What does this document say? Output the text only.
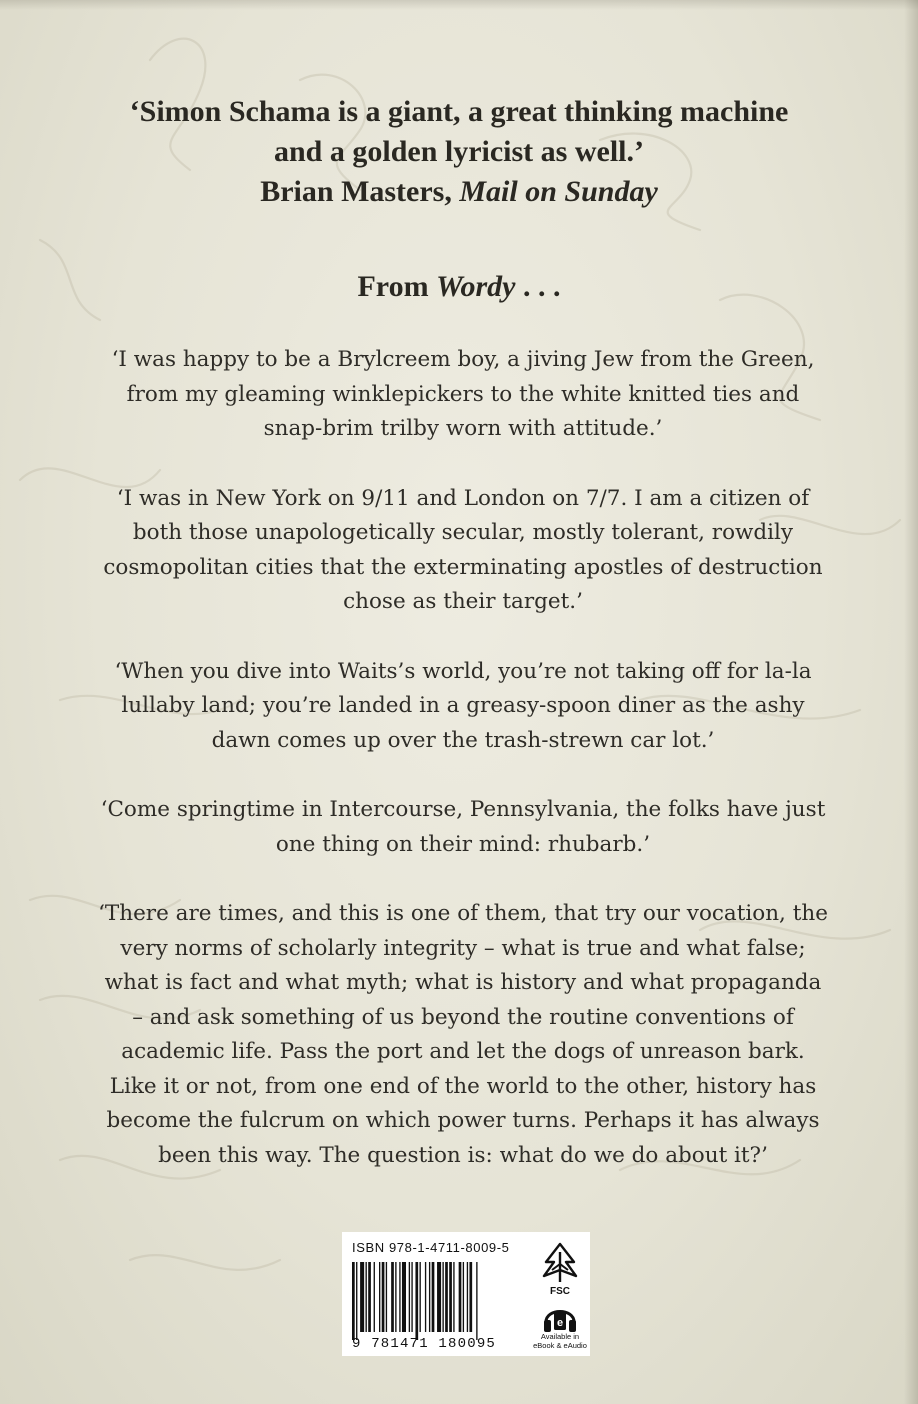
‘Simon Schama is a giant, a great thinking machine
and a golden lyricist as well.’
Brian Masters, Mail on Sunday
From Wordy . . .

‘I was happy to be a Brylcreem boy, a jiving Jew from the Green, from my gleaming winklepickers to the white knitted ties and snap-brim trilby worn with attitude.’

‘I was in New York on 9/11 and London on 7/7. I am a citizen of both those unapologetically secular, mostly tolerant, rowdily cosmopolitan cities that the exterminating apostles of destruction chose as their target.’

‘When you dive into Waits’s world, you’re not taking off for la-la lullaby land; you’re landed in a greasy-spoon diner as the ashy dawn comes up over the trash-strewn car lot.’

‘Come springtime in Intercourse, Pennsylvania, the folks have just one thing on their mind: rhubarb.’

‘There are times, and this is one of them, that try our vocation, the very norms of scholarly integrity – what is true and what false; what is fact and what myth; what is history and what propaganda – and ask something of us beyond the routine conventions of academic life. Pass the port and let the dogs of unreason bark. Like it or not, from one end of the world to the other, history has become the fulcrum on which power turns. Perhaps it has always been this way. The question is: what do we do about it?’

ISBN 978-1-4711-8009-5
9 781471 180095
FSC
e
Available in eBook & eAudio
